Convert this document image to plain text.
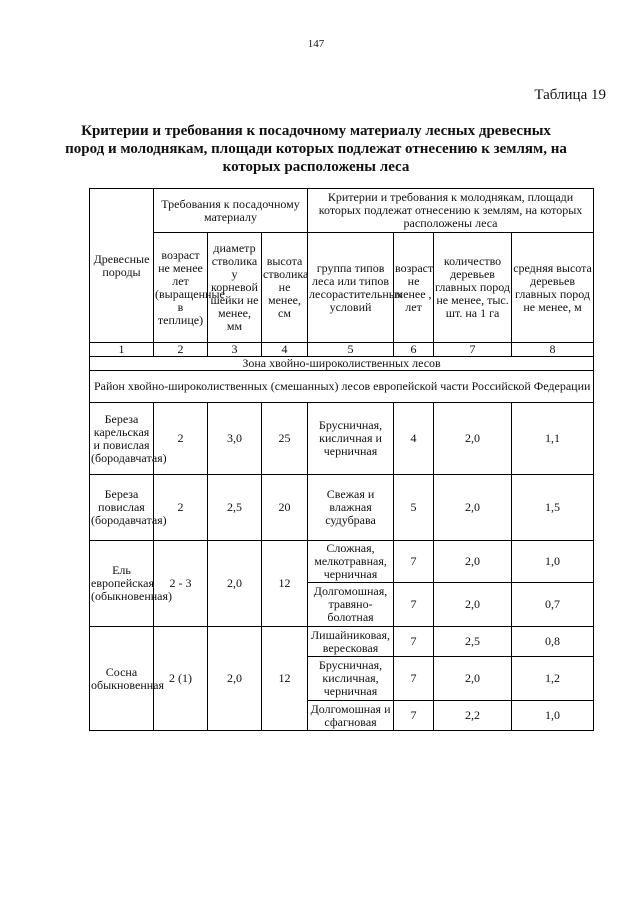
147
Таблица 19
Критерии и требования к посадочному материалу лесных древесных пород и молоднякам, площади которых подлежат отнесению к землям, на которых расположены леса
Древесные породы	Требования к посадочному материалу			Критерии и требования к молоднякам, площади которых подлежат отнесению к землям, на которых расположены леса			
	возраст не менее лет (выращенные в теплице)	диаметр стволика у корневой шейки не менее, мм	высота стволика не менее, см	группа типов леса или типов лесорастительных условий	возраст не менее , лет	количество деревьев главных пород не менее, тыс. шт. на 1 га	средняя высота деревьев главных пород не менее, м
1	2	3	4	5	6	7	8
Зона хвойно-широколиственных лесов							
Район хвойно-широколиственных (смешанных) лесов европейской части Российской Федерации							
Береза карельская и повислая (бородавчатая)	2	3,0	25	Брусничная, кисличная и черничная	4	2,0	1,1
Береза повислая (бородавчатая)	2	2,5	20	Свежая и влажная судубрава	5	2,0	1,5
Ель европейская (обыкновенная)	2 - 3	2,0	12	Сложная, мелкотравная, черничная	7	2,0	1,0
				Долгомошная, травяно-болотная	7	2,0	0,7
Сосна обыкновенная	2 (1)	2,0	12	Лишайниковая, вересковая	7	2,5	0,8
				Брусничная, кисличная, черничная	7	2,0	1,2
				Долгомошная и сфагновая	7	2,2	1,0
